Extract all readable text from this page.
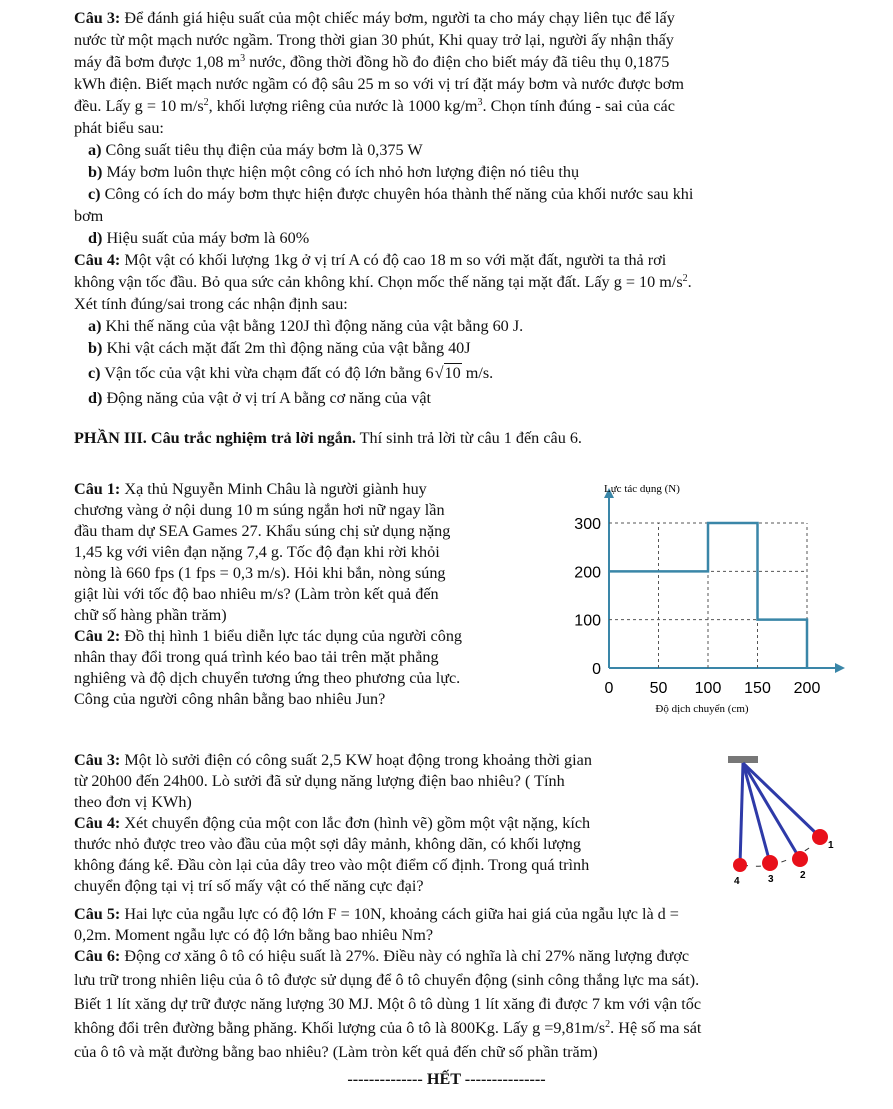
Câu 3: Để đánh giá hiệu suất của một chiếc máy bơm, người ta cho máy chạy liên tục để lấy
nước từ một mạch nước ngầm. Trong thời gian 30 phút, Khi quay trở lại, người ấy nhận thấy
máy đã bơm được 1,08 $m^3$ nước, đồng thời đồng hồ đo điện cho biết máy đã tiêu thụ 0,1875
kWh điện. Biết mạch nước ngầm có độ sâu 25 m so với vị trí đặt máy bơm và nước được bơm
đều. Lấy g = 10 $m/s^2$, khối lượng riêng của nước là 1000 $kg/m^3$. Chọn tính đúng - sai của các
phát biểu sau:
a) Công suất tiêu thụ điện của máy bơm là 0,375 W
b) Máy bơm luôn thực hiện một công có ích nhỏ hơn lượng điện nó tiêu thụ
c) Công có ích do máy bơm thực hiện được chuyên hóa thành thế năng của khối nước sau khi
bơm
d) Hiệu suất của máy bơm là 60%
Câu 4: Một vật có khối lượng 1kg ở vị trí A có độ cao 18 m so với mặt đất, người ta thả rơi
không vận tốc đầu. Bỏ qua sức cản không khí. Chọn mốc thế năng tại mặt đất. Lấy g = 10 $m/s^2$.
Xét tính đúng/sai trong các nhận định sau:
a) Khi thế năng của vật bằng 120J thì động năng của vật bằng 60 J.
b) Khi vật cách mặt đất 2m thì động năng của vật bằng 40J
c) Vận tốc của vật khi vừa chạm đất có độ lớn bằng 6√10 m/s.
d) Động năng của vật ở vị trí A bằng cơ năng của vật
PHẦN III. Câu trắc nghiệm trả lời ngắn. Thí sinh trả lời từ câu 1 đến câu 6.
Câu 1: Xạ thủ Nguyễn Minh Châu là người giành huy
chương vàng ở nội dung 10 m súng ngắn hơi nữ ngay lần
đầu tham dự SEA Games 27. Khẩu súng chị sử dụng nặng
1,45 kg với viên đạn nặng 7,4 g. Tốc độ đạn khi rời khỏi
nòng là 660 fps (1 fps = 0,3 m/s). Hỏi khi bắn, nòng súng
giật lùi với tốc độ bao nhiêu m/s? (Làm tròn kết quả đến
chữ số hàng phần trăm)
Câu 2: Đồ thị hình 1 biểu diễn lực tác dụng của người công
nhân thay đổi trong quá trình kéo bao tải trên mặt phẳng
nghiêng và độ dịch chuyển tương ứng theo phương của lực.
Công của người công nhân bằng bao nhiêu Jun?
0
100
200
300
0 50 100 150 200
Lực tác dụng (N)
Độ dịch chuyển (cm)
Câu 3: Một lò sưởi điện có công suất 2,5 KW hoạt động trong khoảng thời gian
từ 20h00 đến 24h00. Lò sưởi đã sử dụng năng lượng điện bao nhiêu? ( Tính
theo đơn vị KWh)
Câu 4: Xét chuyển động của một con lắc đơn (hình vẽ) gồm một vật nặng, kích
thước nhỏ được treo vào đầu của một sợi dây mảnh, không dãn, có khối lượng
không đáng kể. Đầu còn lại của dây treo vào một điểm cố định. Trong quá trình
chuyển động tại vị trí số mấy vật có thế năng cực đại?
1
2
3
4
Câu 5: Hai lực của ngẫu lực có độ lớn F = 10N, khoảng cách giữa hai giá của ngẫu lực là d =
0,2m. Moment ngẫu lực có độ lớn bằng bao nhiêu Nm?
Câu 6: Động cơ xăng ô tô có hiệu suất là 27%. Điều này có nghĩa là chỉ 27% năng lượng được
lưu trữ trong nhiên liệu của ô tô được sử dụng để ô tô chuyển động (sinh công thắng lực ma sát).
Biết 1 lít xăng dự trữ được năng lượng 30 MJ. Một ô tô dùng 1 lít xăng đi được 7 km với vận tốc
không đổi trên đường bằng phăng. Khối lượng của ô tô là 800Kg. Lấy $g =9,81m/s^2$. Hệ số ma sát
của ô tô và mặt đường bằng bao nhiêu? (Làm tròn kết quả đến chữ số phần trăm)
-------------- HẾT ---------------
